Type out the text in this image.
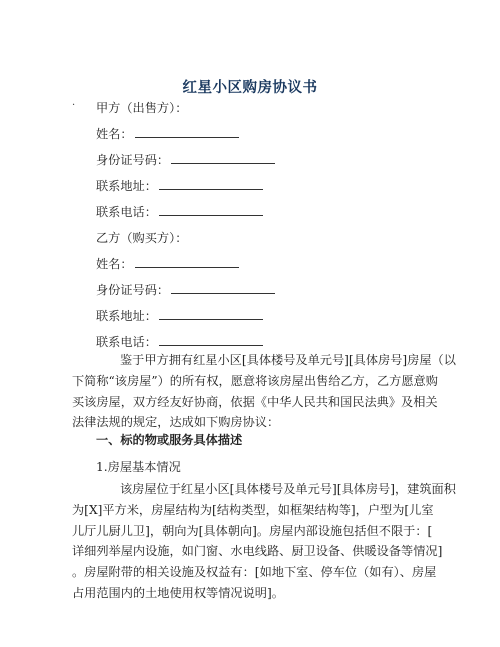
红星小区购房协议书
· 甲方（出售方）：
姓名：
身份证号码：
联系地址：
联系电话：
乙方（购买方）：
姓名：
身份证号码：
联系地址：
联系电话：
鉴于甲方拥有红星小区[具体楼号及单元号][具体房号]房屋（以
下简称“该房屋”）的所有权，愿意将该房屋出售给乙方，乙方愿意购
买该房屋，双方经友好协商，依据《中华人民共和国民法典》及相关
法律法规的规定，达成如下购房协议：
一、标的物或服务具体描述
1.房屋基本情况
该房屋位于红星小区[具体楼号及单元号][具体房号]，建筑面积
为[X]平方米，房屋结构为[结构类型，如框架结构等]，户型为[儿室
儿厅儿厨儿卫]，朝向为[具体朝向]。房屋内部设施包括但不限于：[
详细列举屋内设施，如门窗、水电线路、厨卫设备、供暖设备等情况]
。房屋附带的相关设施及权益有：[如地下室、停车位（如有）、房屋
占用范围内的土地使用权等情况说明]。
